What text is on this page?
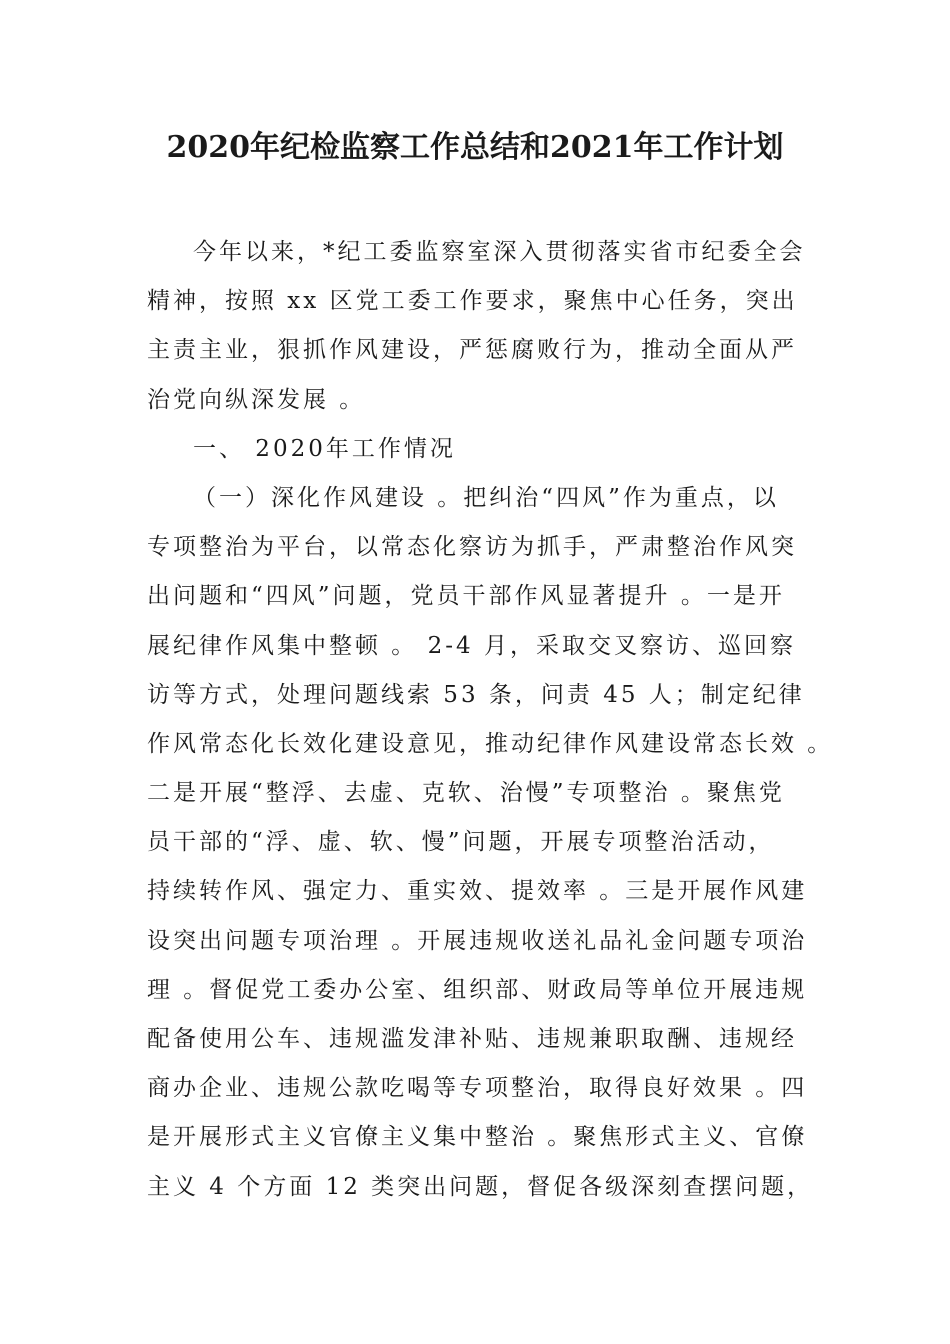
2020年纪检监察工作总结和2021年工作计划
今年以来，*纪工委监察室深入贯彻落实省市纪委全会
精神，按照 xx 区党工委工作要求，聚焦中心任务，突出
主责主业，狠抓作风建设，严惩腐败行为，推动全面从严
治党向纵深发展 。
一、 2020年工作情况
（一）深化作风建设 。把纠治“四风”作为重点，以
专项整治为平台，以常态化察访为抓手，严肃整治作风突
出问题和“四风”问题，党员干部作风显著提升 。一是开
展纪律作风集中整顿 。 2-4 月，采取交叉察访、巡回察
访等方式，处理问题线索 53 条，问责 45 人；制定纪律
作风常态化长效化建设意见，推动纪律作风建设常态长效 。
二是开展“整浮、去虚、克软、治慢”专项整治 。聚焦党
员干部的“浮、虚、软、慢”问题，开展专项整治活动，
持续转作风、强定力、重实效、提效率 。三是开展作风建
设突出问题专项治理 。开展违规收送礼品礼金问题专项治
理 。督促党工委办公室、组织部、财政局等单位开展违规
配备使用公车、违规滥发津补贴、违规兼职取酬、违规经
商办企业、违规公款吃喝等专项整治，取得良好效果 。四
是开展形式主义官僚主义集中整治 。聚焦形式主义、官僚
主义 4 个方面 12 类突出问题，督促各级深刻查摆问题，
